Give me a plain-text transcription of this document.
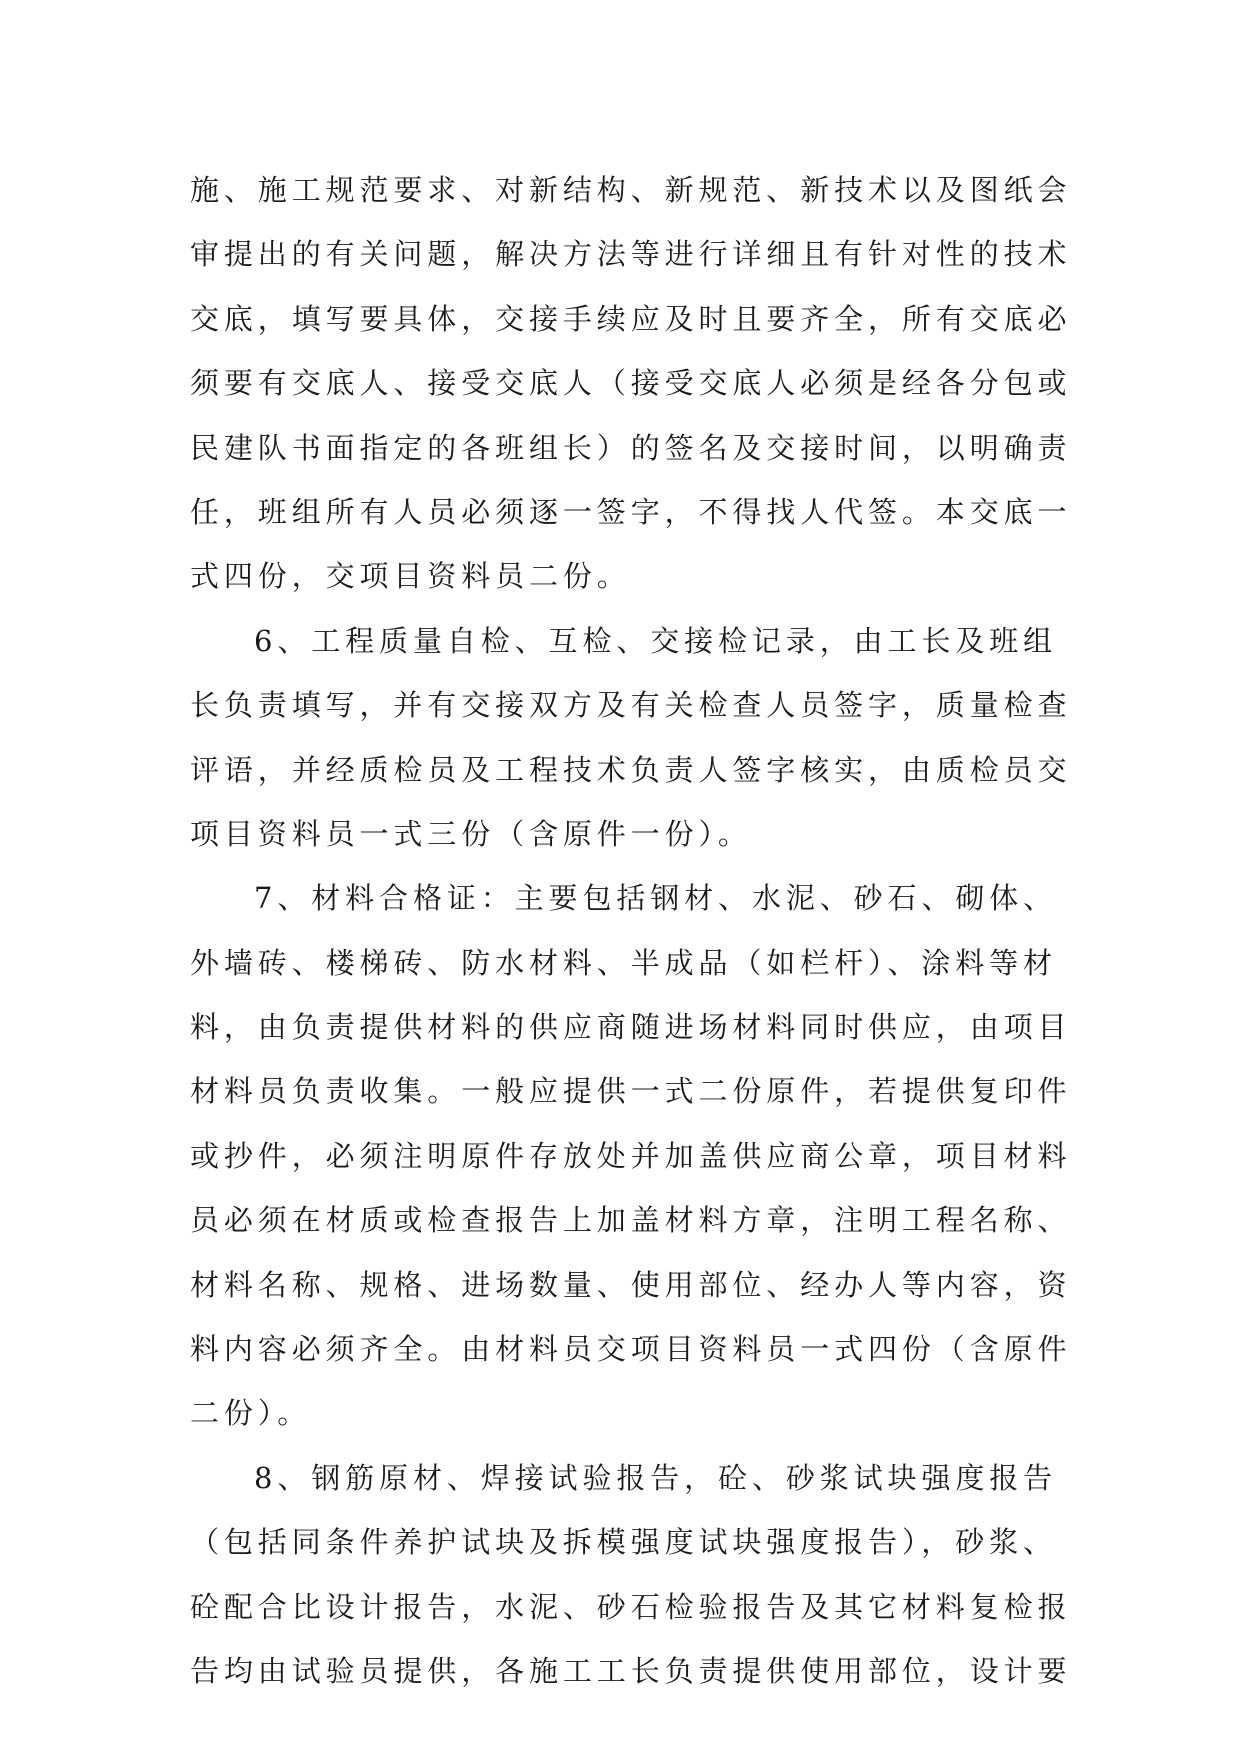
施、施工规范要求、对新结构、新规范、新技术以及图纸会
审提出的有关问题，解决方法等进行详细且有针对性的技术
交底，填写要具体，交接手续应及时且要齐全，所有交底必
须要有交底人、接受交底人（接受交底人必须是经各分包或
民建队书面指定的各班组长）的签名及交接时间，以明确责
任，班组所有人员必须逐一签字，不得找人代签。本交底一
式四份，交项目资料员二份。
6、工程质量自检、互检、交接检记录，由工长及班组
长负责填写，并有交接双方及有关检查人员签字，质量检查
评语，并经质检员及工程技术负责人签字核实，由质检员交
项目资料员一式三份（含原件一份）。
7、材料合格证：主要包括钢材、水泥、砂石、砌体、
外墙砖、楼梯砖、防水材料、半成品（如栏杆）、涂料等材
料，由负责提供材料的供应商随进场材料同时供应，由项目
材料员负责收集。一般应提供一式二份原件，若提供复印件
或抄件，必须注明原件存放处并加盖供应商公章，项目材料
员必须在材质或检查报告上加盖材料方章，注明工程名称、
材料名称、规格、进场数量、使用部位、经办人等内容，资
料内容必须齐全。由材料员交项目资料员一式四份（含原件
二份）。
8、钢筋原材、焊接试验报告，砼、砂浆试块强度报告
（包括同条件养护试块及拆模强度试块强度报告），砂浆、
砼配合比设计报告，水泥、砂石检验报告及其它材料复检报
告均由试验员提供，各施工工长负责提供使用部位，设计要
